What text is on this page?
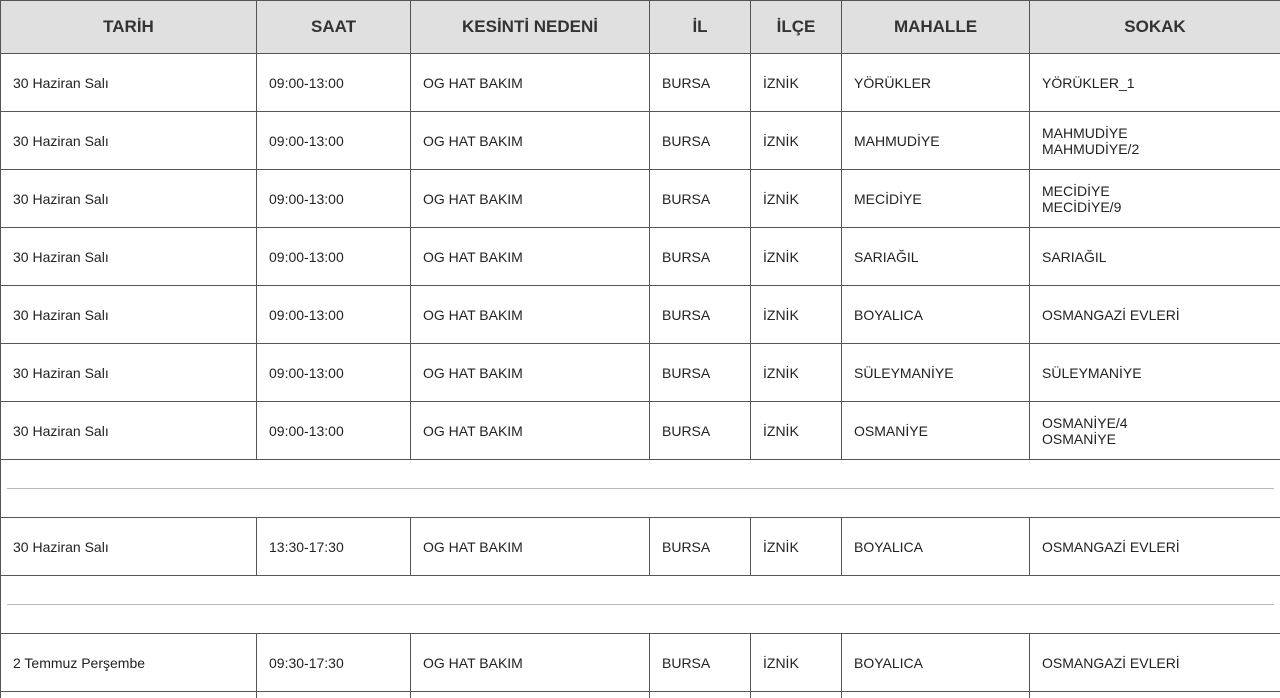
TARİH	SAAT	KESİNTİ NEDENİ	İL	İLÇE	MAHALLE	SOKAK
30 Haziran Salı	09:00-13:00	OG HAT BAKIM	BURSA	İZNİK	YÖRÜKLER	YÖRÜKLER_1

30 Haziran Salı	09:00-13:00	OG HAT BAKIM	BURSA	İZNİK	MAHMUDİYE	MAHMUDİYE
MAHMUDİYE/2

30 Haziran Salı	09:00-13:00	OG HAT BAKIM	BURSA	İZNİK	MECİDİYE	MECİDİYE
MECİDİYE/9

30 Haziran Salı	09:00-13:00	OG HAT BAKIM	BURSA	İZNİK	SARIAĞIL	SARIAĞIL

30 Haziran Salı	09:00-13:00	OG HAT BAKIM	BURSA	İZNİK	BOYALICA	OSMANGAZİ EVLERİ

30 Haziran Salı	09:00-13:00	OG HAT BAKIM	BURSA	İZNİK	SÜLEYMANİYE	SÜLEYMANİYE

30 Haziran Salı	09:00-13:00	OG HAT BAKIM	BURSA	İZNİK	OSMANİYE	OSMANİYE/4
OSMANİYE

30 Haziran Salı	13:30-17:30	OG HAT BAKIM	BURSA	İZNİK	BOYALICA	OSMANGAZİ EVLERİ

2 Temmuz Perşembe	09:30-17:30	OG HAT BAKIM	BURSA	İZNİK	BOYALICA	OSMANGAZİ EVLERİ
